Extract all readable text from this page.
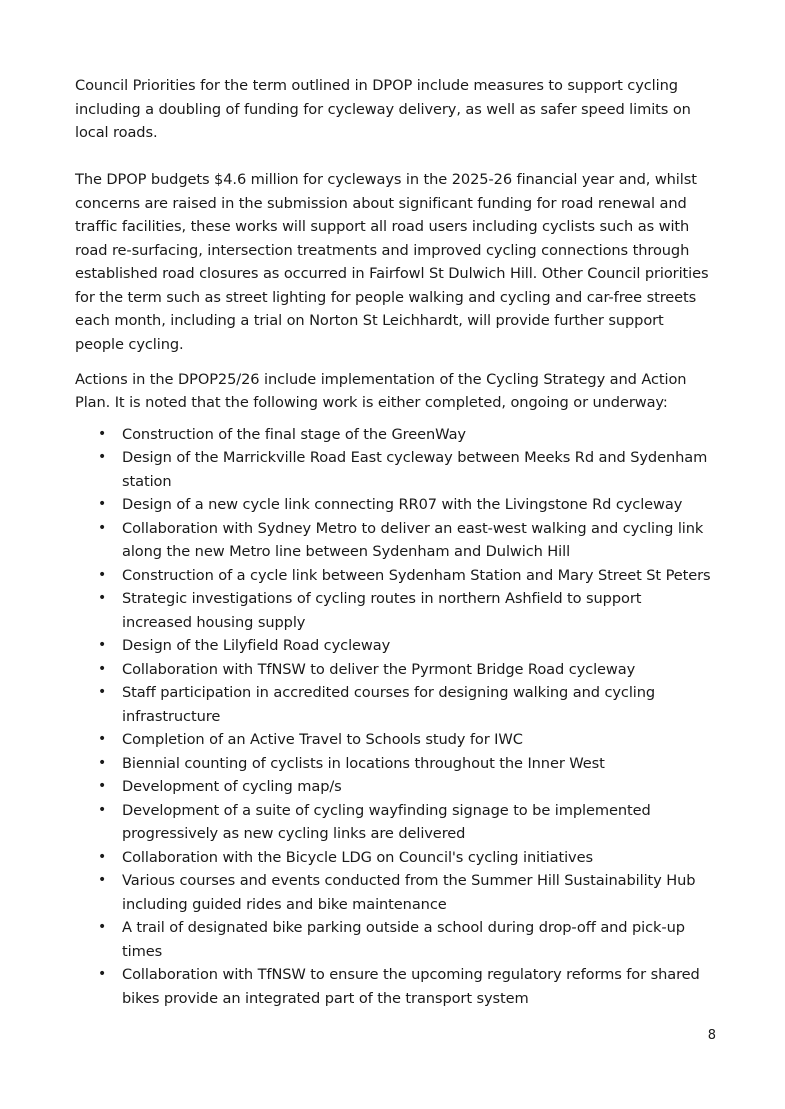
Council Priorities for the term outlined in DPOP include measures to support cycling including a doubling of funding for cycleway delivery, as well as safer speed limits on local roads.

The DPOP budgets $4.6 million for cycleways in the 2025-26 financial year and, whilst concerns are raised in the submission about significant funding for road renewal and traffic facilities, these works will support all road users including cyclists such as with road re-surfacing, intersection treatments and improved cycling connections through established road closures as occurred in Fairfowl St Dulwich Hill. Other Council priorities for the term such as street lighting for people walking and cycling and car-free streets each month, including a trial on Norton St Leichhardt, will provide further support people cycling.

Actions in the DPOP25/26 include implementation of the Cycling Strategy and Action Plan. It is noted that the following work is either completed, ongoing or underway:

• Construction of the final stage of the GreenWay
• Design of the Marrickville Road East cycleway between Meeks Rd and Sydenham station
• Design of a new cycle link connecting RR07 with the Livingstone Rd cycleway
• Collaboration with Sydney Metro to deliver an east-west walking and cycling link along the new Metro line between Sydenham and Dulwich Hill
• Construction of a cycle link between Sydenham Station and Mary Street St Peters
• Strategic investigations of cycling routes in northern Ashfield to support increased housing supply
• Design of the Lilyfield Road cycleway
• Collaboration with TfNSW to deliver the Pyrmont Bridge Road cycleway
• Staff participation in accredited courses for designing walking and cycling infrastructure
• Completion of an Active Travel to Schools study for IWC
• Biennial counting of cyclists in locations throughout the Inner West
• Development of cycling map/s
• Development of a suite of cycling wayfinding signage to be implemented progressively as new cycling links are delivered
• Collaboration with the Bicycle LDG on Council's cycling initiatives
• Various courses and events conducted from the Summer Hill Sustainability Hub including guided rides and bike maintenance
• A trail of designated bike parking outside a school during drop-off and pick-up times
• Collaboration with TfNSW to ensure the upcoming regulatory reforms for shared bikes provide an integrated part of the transport system
8
